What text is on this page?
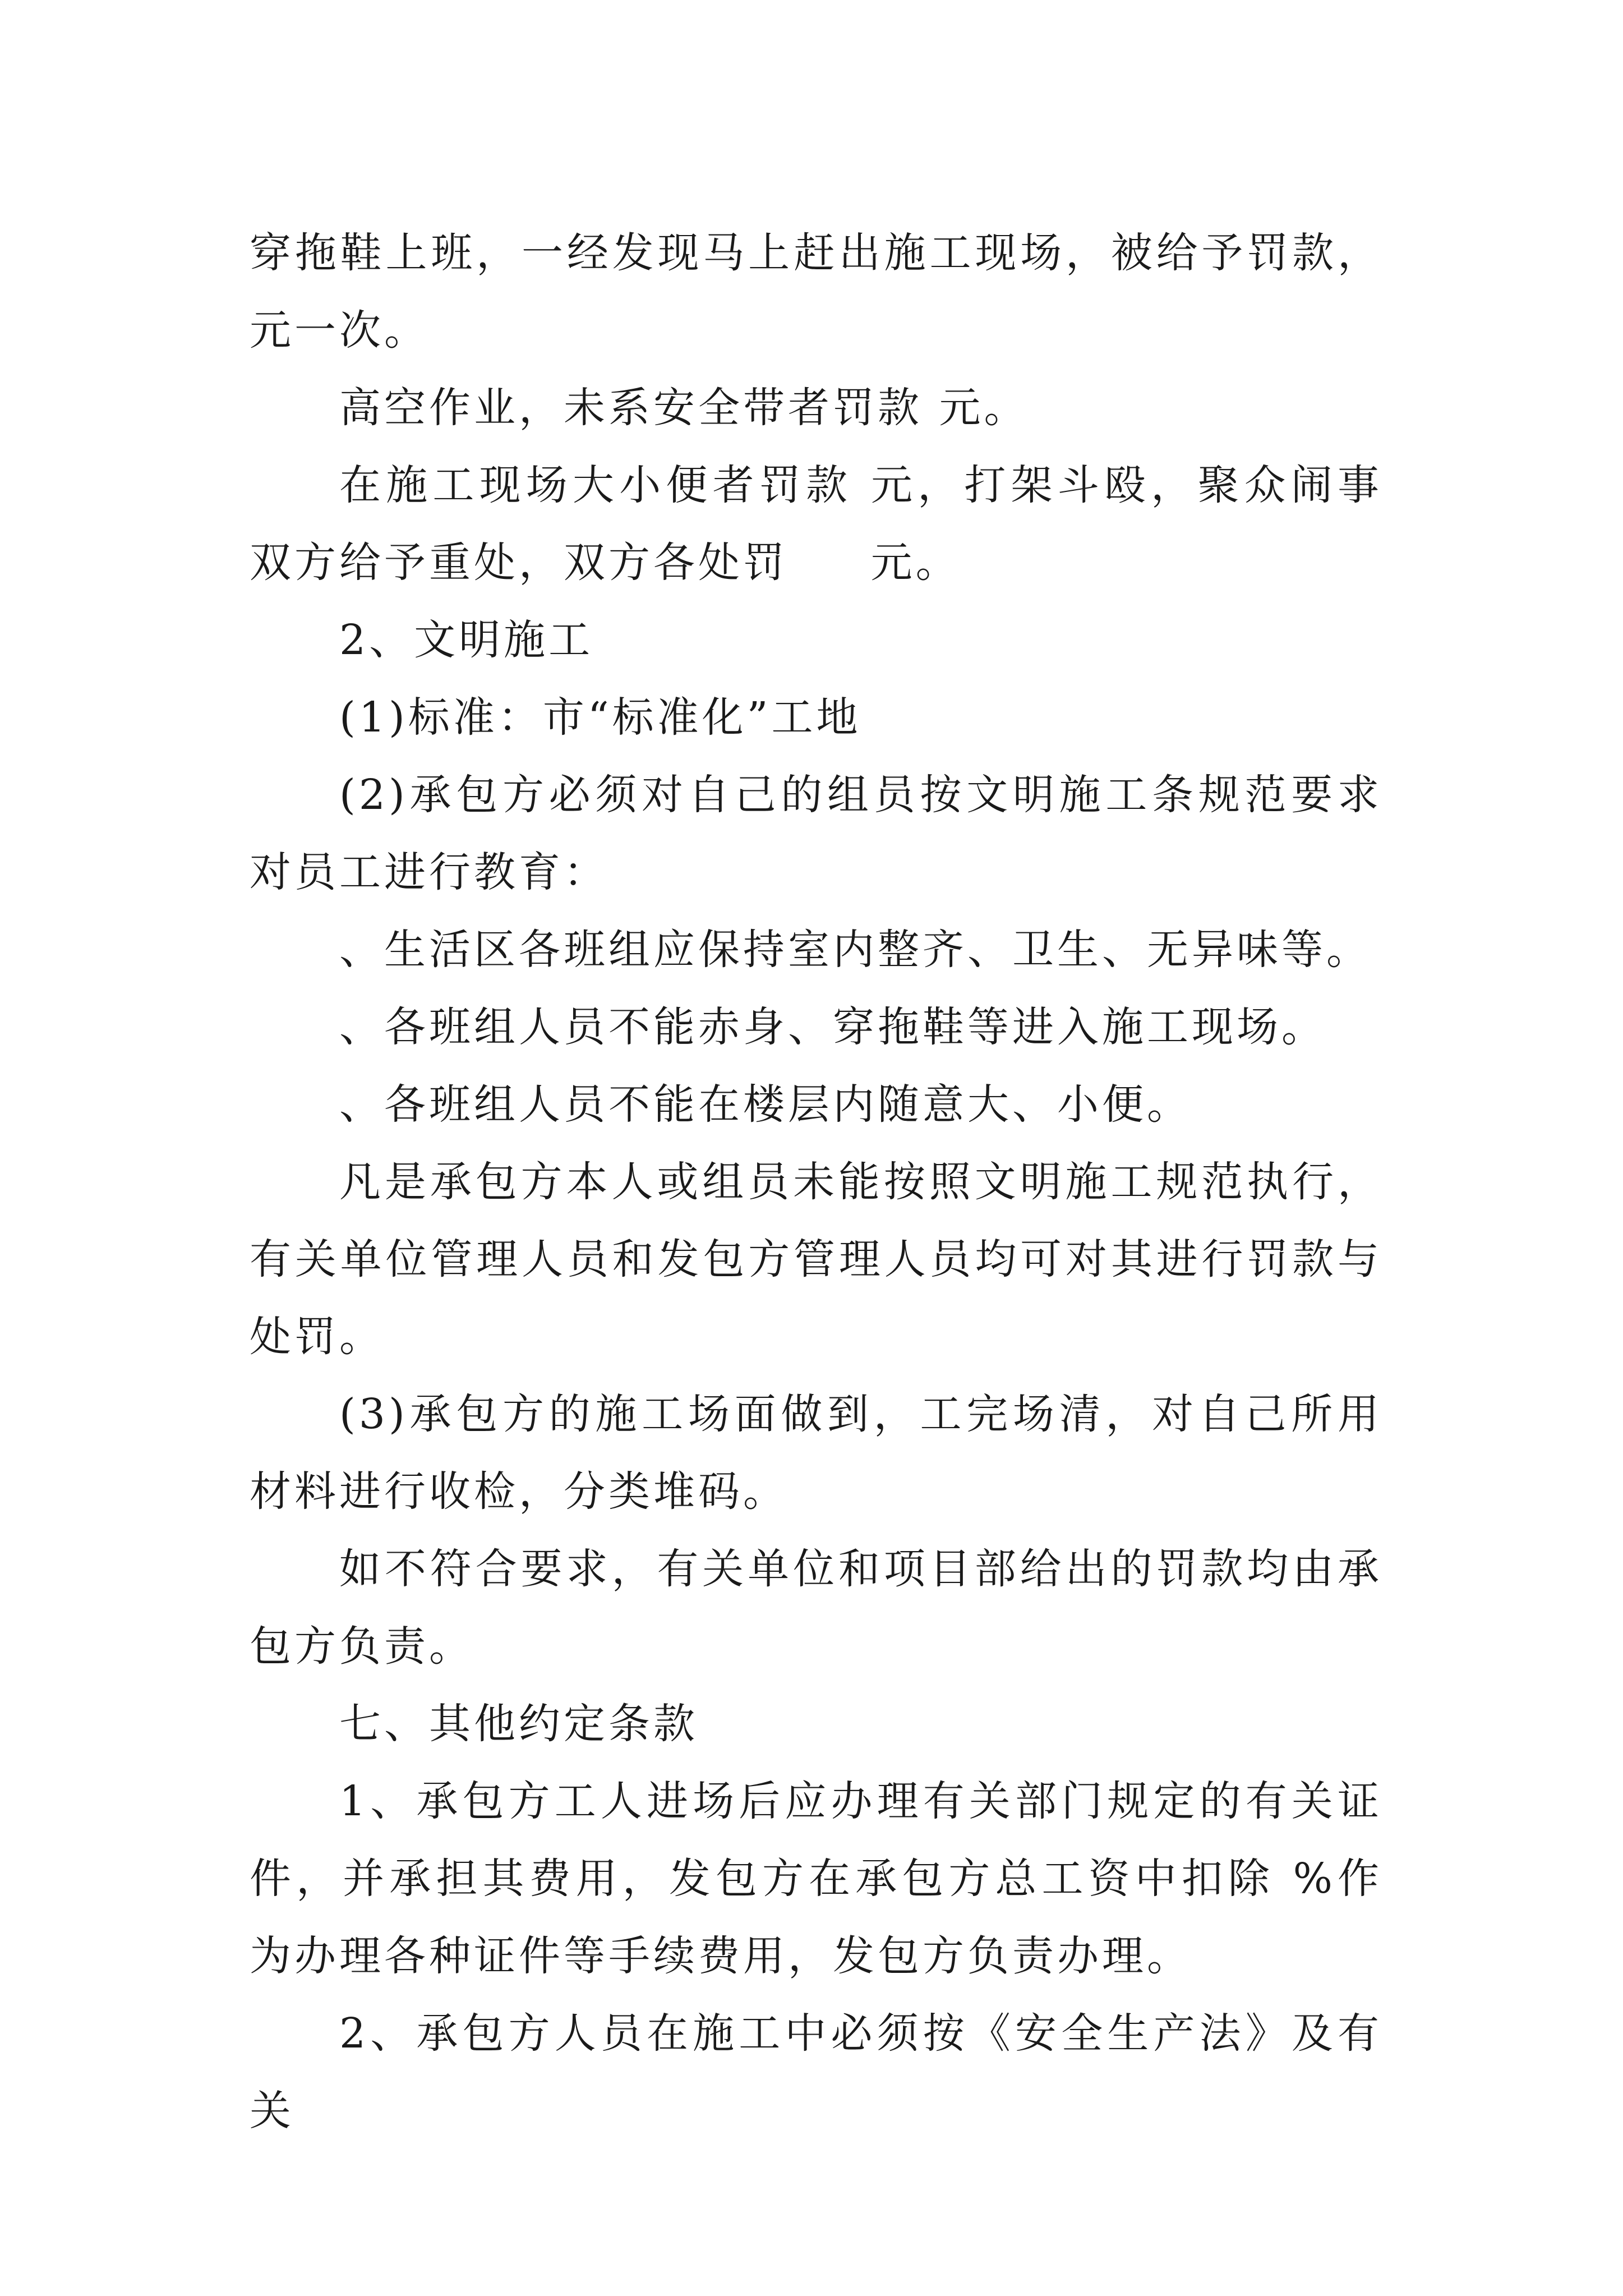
穿拖鞋上班，一经发现马上赶出施工现场，被给予罚款，元一次。

高空作业，未系安全带者罚款 元。

在施工现场大小便者罚款 元，打架斗殴，聚众闹事双方给予重处，双方各处罚     元。

2、文明施工

(1)标准：市“标准化”工地

(2)承包方必须对自己的组员按文明施工条规范要求对员工进行教育：

、生活区各班组应保持室内整齐、卫生、无异味等。

、各班组人员不能赤身、穿拖鞋等进入施工现场。

、各班组人员不能在楼层内随意大、小便。

凡是承包方本人或组员未能按照文明施工规范执行，有关单位管理人员和发包方管理人员均可对其进行罚款与处罚。

(3)承包方的施工场面做到，工完场清，对自己所用材料进行收检，分类堆码。

如不符合要求，有关单位和项目部给出的罚款均由承包方负责。

七、其他约定条款

1、承包方工人进场后应办理有关部门规定的有关证件，并承担其费用，发包方在承包方总工资中扣除 %作为办理各种证件等手续费用，发包方负责办理。

2、承包方人员在施工中必须按《安全生产法》及有关
